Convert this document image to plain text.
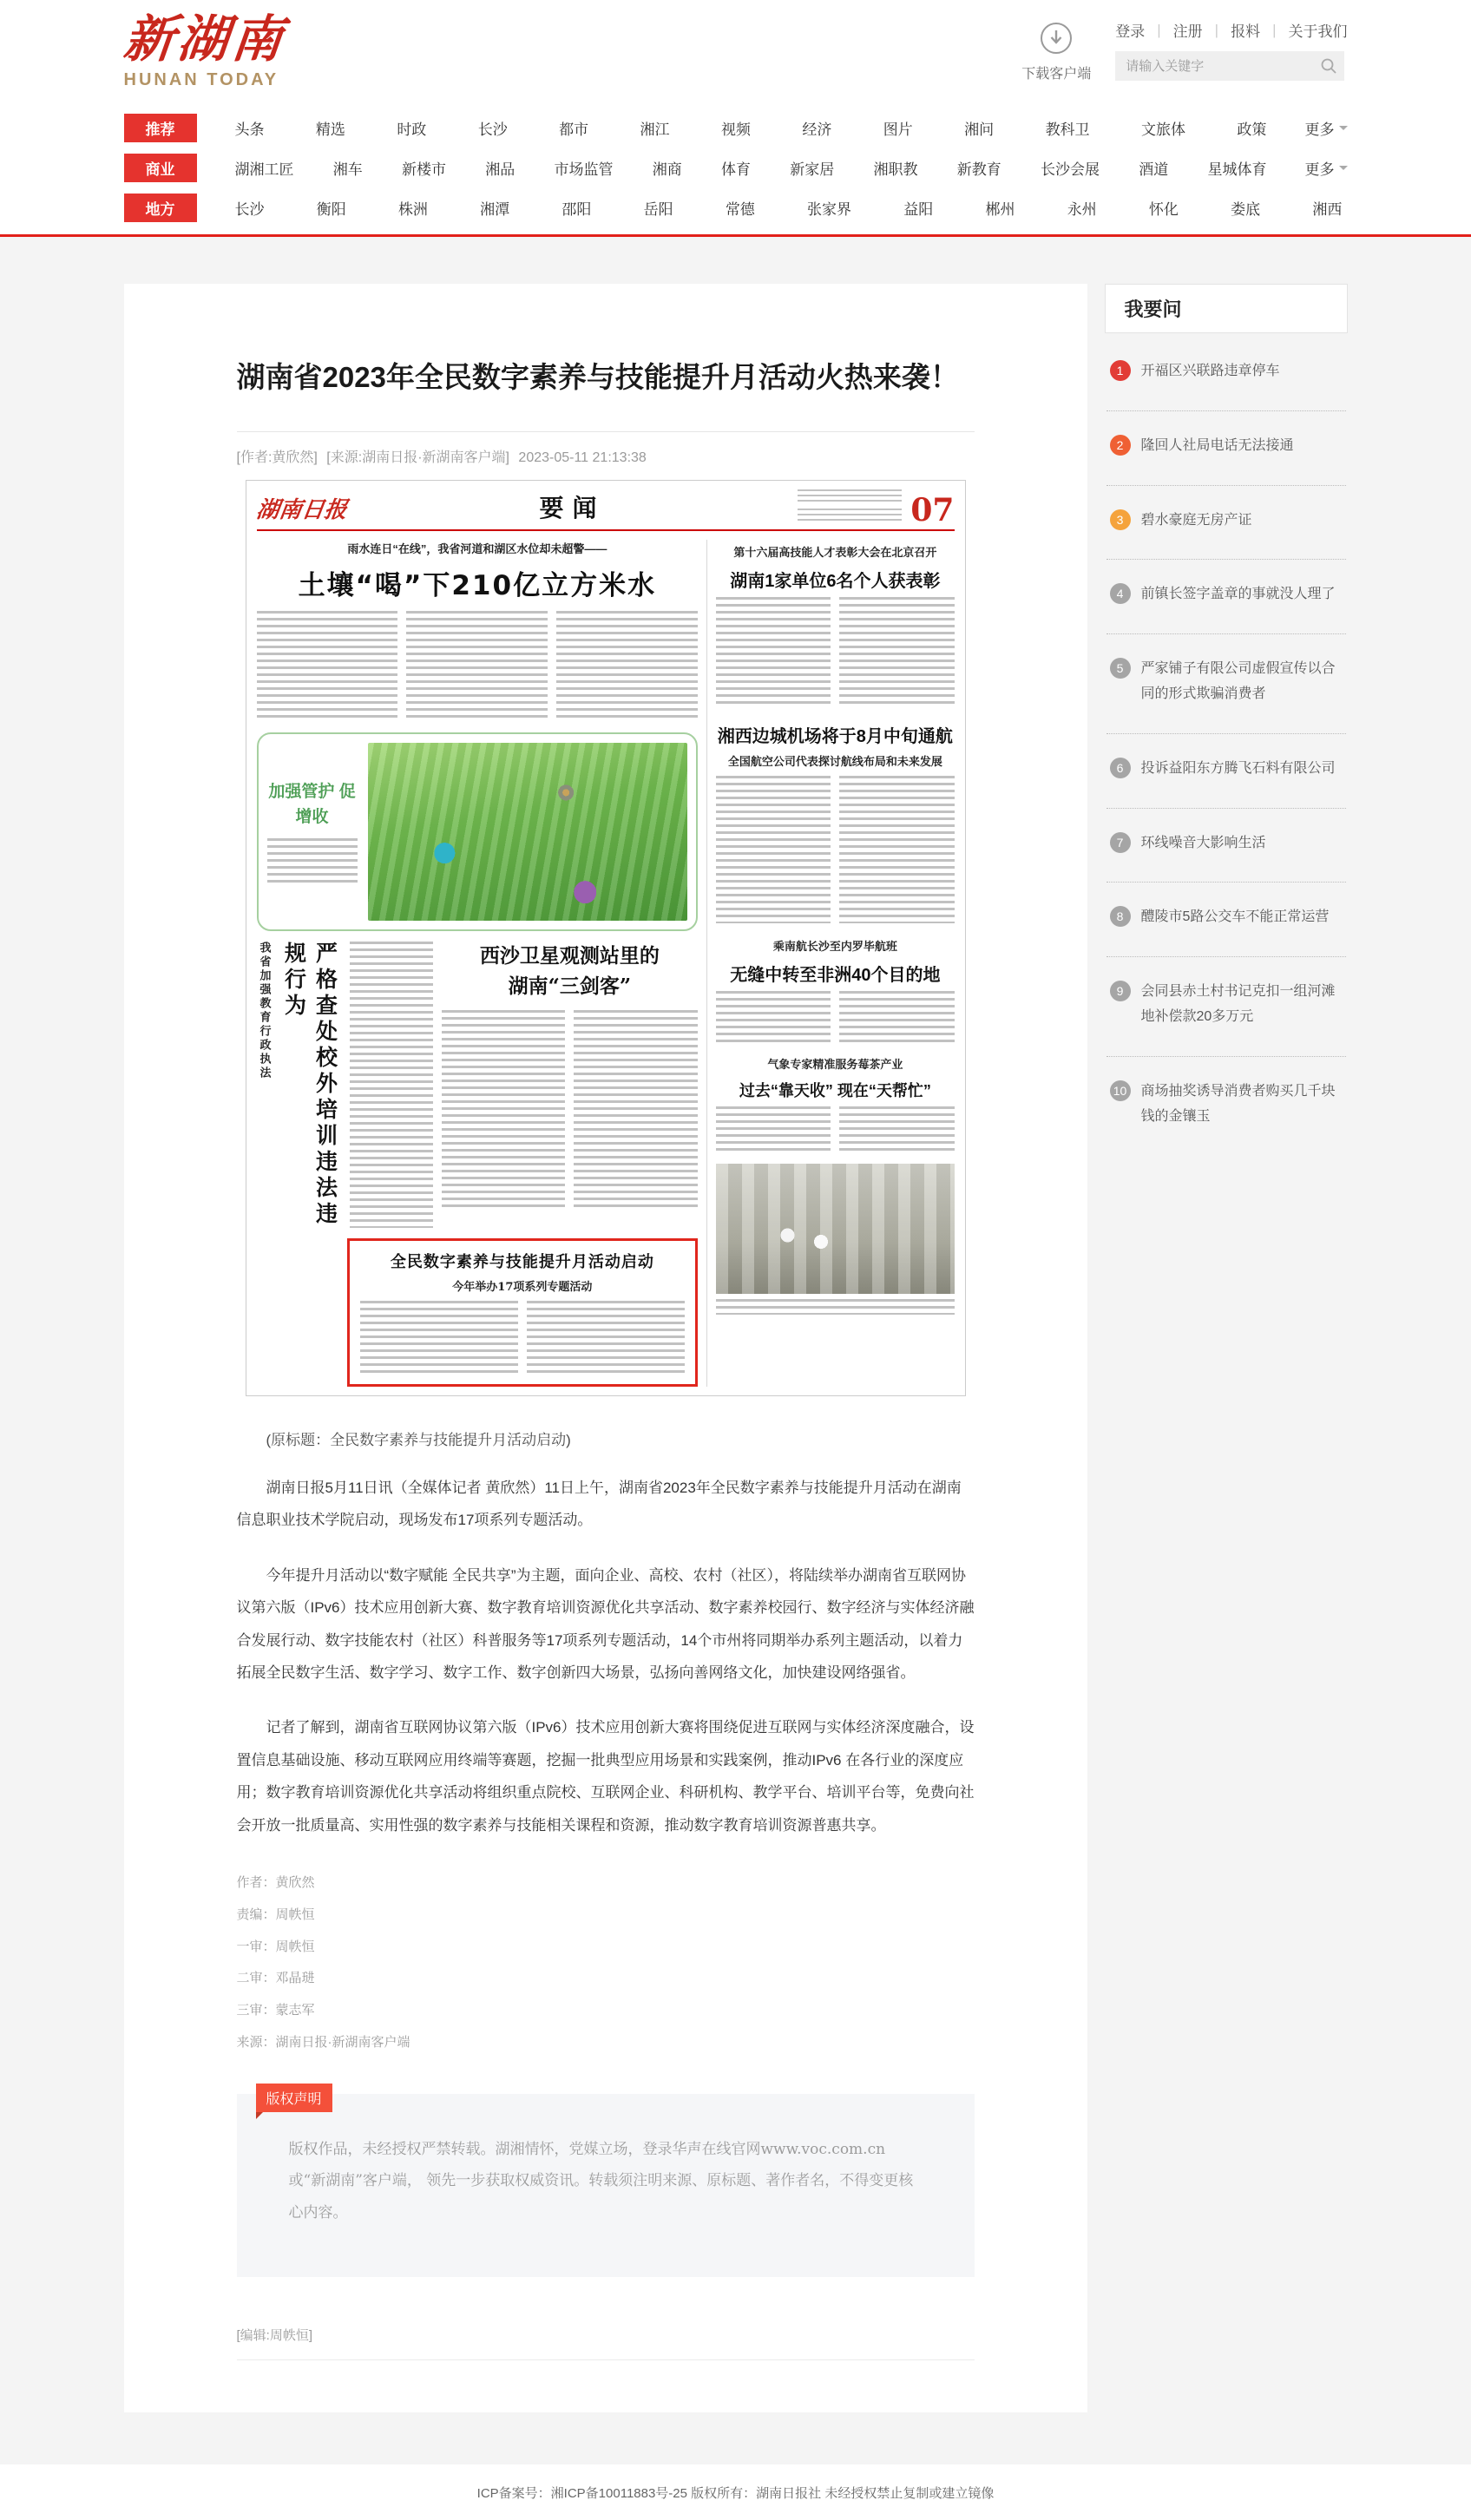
新湖南
HUNAN TODAY	下载客户端
登录 | 注册 | 报料 | 关于我们
请输入关键字
推荐	头条	精选	时政	长沙	都市	湘江	视频	经济	图片	湘问	教科卫	文旅体	政策	更多
商业	湖湘工匠	湘车	新楼市	湘品	市场监管	湘商	体育	新家居	湘职教	新教育	长沙会展	酒道	星城体育	更多
地方	长沙	衡阳	株洲	湘潭	邵阳	岳阳	常德	张家界	益阳	郴州	永州	怀化	娄底	湘西
湖南省2023年全民数字素养与技能提升月活动火热来袭！
[作者:黄欣然] [来源:湖南日报·新湖南客户端] 2023-05-11 21:13:38
湖南日报	要闻	07
雨水连日“在线”，我省河道和湖区水位却未超警——
土壤“喝”下210亿立方米水
加强管护 促增收
我省加强教育行政执法	严格查处校外培训违法违规行为	西沙卫星观测站里的
湖南“三剑客”
全民数字素养与技能提升月活动启动
今年举办17项系列专题活动
第十六届高技能人才表彰大会在北京召开
湖南1家单位6名个人获表彰
湘西边城机场将于8月中旬通航
全国航空公司代表探讨航线布局和未来发展
乘南航长沙至内罗毕航班
无缝中转至非洲40个目的地
气象专家精准服务莓茶产业
过去“靠天收” 现在“天帮忙”

(原标题：全民数字素养与技能提升月活动启动)

湖南日报5月11日讯（全媒体记者 黄欣然）11日上午，湖南省2023年全民数字素养与技能提升月活动在湖南信息职业技术学院启动，现场发布17项系列专题活动。

今年提升月活动以“数字赋能 全民共享”为主题，面向企业、高校、农村（社区），将陆续举办湖南省互联网协议第六版（IPv6）技术应用创新大赛、数字教育培训资源优化共享活动、数字素养校园行、数字经济与实体经济融合发展行动、数字技能农村（社区）科普服务等17项系列专题活动，14个市州将同期举办系列主题活动，以着力拓展全民数字生活、数字学习、数字工作、数字创新四大场景，弘扬向善网络文化，加快建设网络强省。

记者了解到，湖南省互联网协议第六版（IPv6）技术应用创新大赛将围绕促进互联网与实体经济深度融合，设置信息基础设施、移动互联网应用终端等赛题，挖掘一批典型应用场景和实践案例，推动IPv6 在各行业的深度应用；数字教育培训资源优化共享活动将组织重点院校、互联网企业、科研机构、教学平台、培训平台等，免费向社会开放一批质量高、实用性强的数字素养与技能相关课程和资源，推动数字教育培训资源普惠共享。

作者：黄欣然
责编：周帙恒
一审：周帙恒
二审：邓晶琎
三审：蒙志军
来源：湖南日报·新湖南客户端
版权声明
版权作品，未经授权严禁转载。湖湘情怀，党媒立场，登录华声在线官网www.voc.com.cn或“新湖南”客户端， 领先一步获取权威资讯。转载须注明来源、原标题、著作者名，不得变更核心内容。
[编辑:周帙恒]
我要问
开福区兴联路违章停车
隆回人社局电话无法接通
碧水豪庭无房产证
前镇长签字盖章的事就没人理了
严家铺子有限公司虚假宣传以合同的形式欺骗消费者
投诉益阳东方腾飞石料有限公司
环线噪音大影响生活
醴陵市5路公交车不能正常运营
会同县赤土村书记克扣一组河滩地补偿款20多万元
商场抽奖诱导消费者购买几千块钱的金镶玉
ICP备案号：湘ICP备10011883号-25 版权所有：湖南日报社 未经授权禁止复制或建立镜像
